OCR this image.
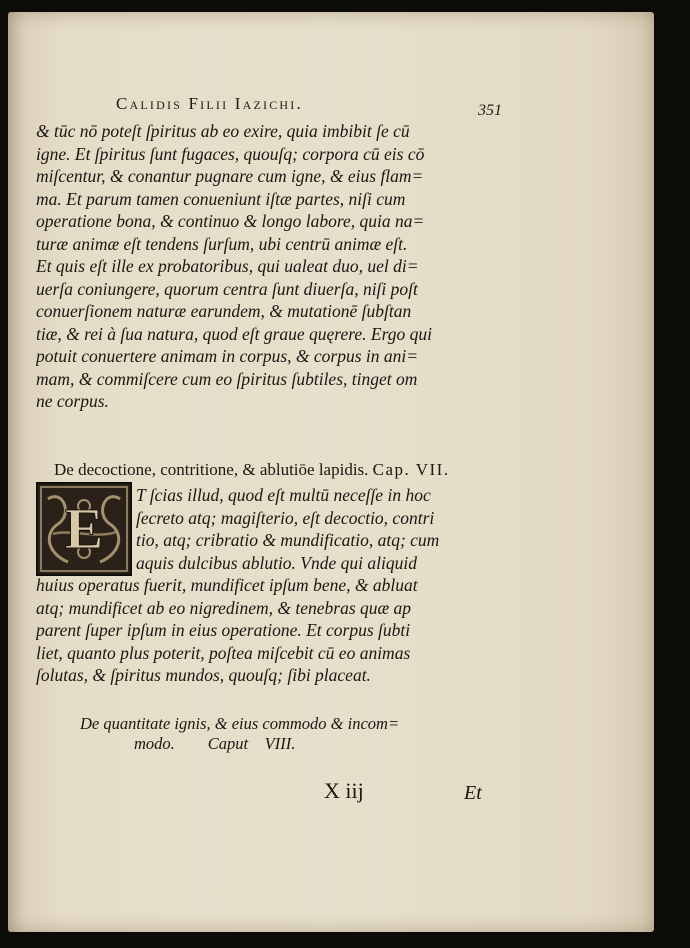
Calidis Filii Iazichi.	351
& tūc nō poteſt ſpiritus ab eo exire, quia imbibit ſe cū
igne. Et ſpiritus ſunt fugaces, quouſq; corpora cū eis cō
miſcentur, & conantur pugnare cum igne, & eius flam=
ma. Et parum tamen conueniunt iſtæ partes, niſi cum
operatione bona, & continuo & longo labore, quia na=
turæ animæ eſt tendens ſurſum, ubi centrū animæ eſt.
Et quis eſt ille ex probatoribus, qui ualeat duo, uel di=
uerſa coniungere, quorum centra ſunt diuerſa, niſi poſt
conuerſionem naturæ earundem, & mutationē ſubſtan
tiæ, & rei à ſua natura, quod eſt graue quęrere. Ergo qui
potuit conuertere animam in corpus, & corpus in ani=
mam, & commiſcere cum eo ſpiritus ſubtiles, tinget om
ne corpus.
De decoctione, contritione, & ablutiōe lapidis. Cap. VII.
E
T ſcias illud, quod eſt multū neceſſe in hoc
ſecreto atq; magiſterio, eſt decoctio, contri
tio, atq; cribratio & mundificatio, atq; cum
aquis dulcibus ablutio. Vnde qui aliquid
huius operatus fuerit, mundificet ipſum bene, & abluat
atq; mundificet ab eo nigredinem, & tenebras quæ ap
parent ſuper ipſum in eius operatione. Et corpus ſubti
liet, quanto plus poterit, poſtea miſcebit cū eo animas
ſolutas, & ſpiritus mundos, quouſq; ſibi placeat.
De quantitate ignis, & eius commodo & incom=
modo.        Caput    VIII.
X iij	Et
